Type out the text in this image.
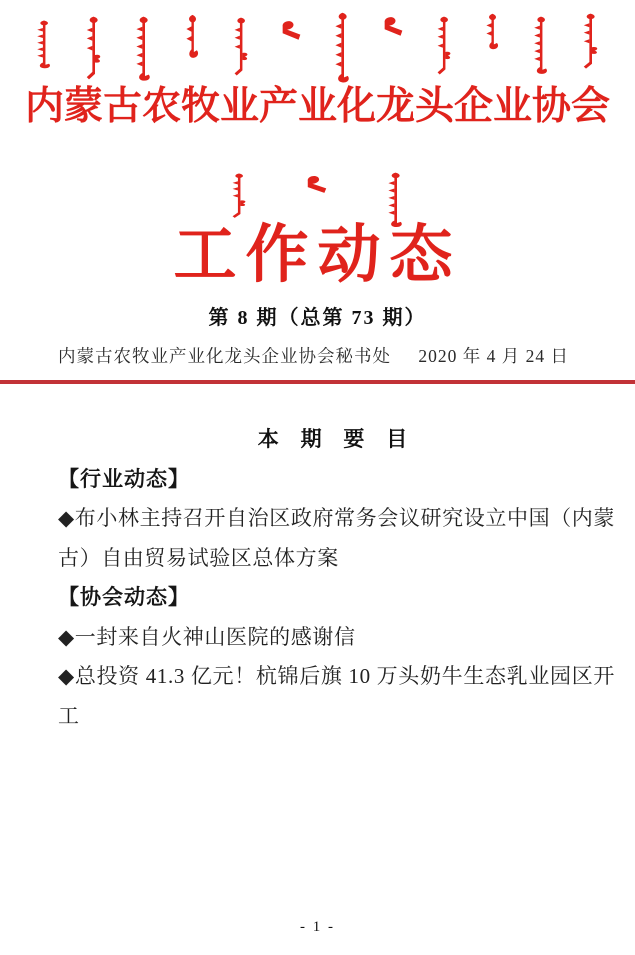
内蒙古农牧业产业化龙头企业协会
工作动态
第 8 期（总第 73 期）
内蒙古农牧业产业化龙头企业协会秘书处 2020 年 4 月 24 日
本 期 要 目
【行业动态】

◆布小林主持召开自治区政府常务会议研究设立中国（内蒙古）自由贸易试验区总体方案

【协会动态】

◆一封来自火神山医院的感谢信

◆总投资 41.3 亿元！杭锦后旗 10 万头奶牛生态乳业园区开工

- 1 -
